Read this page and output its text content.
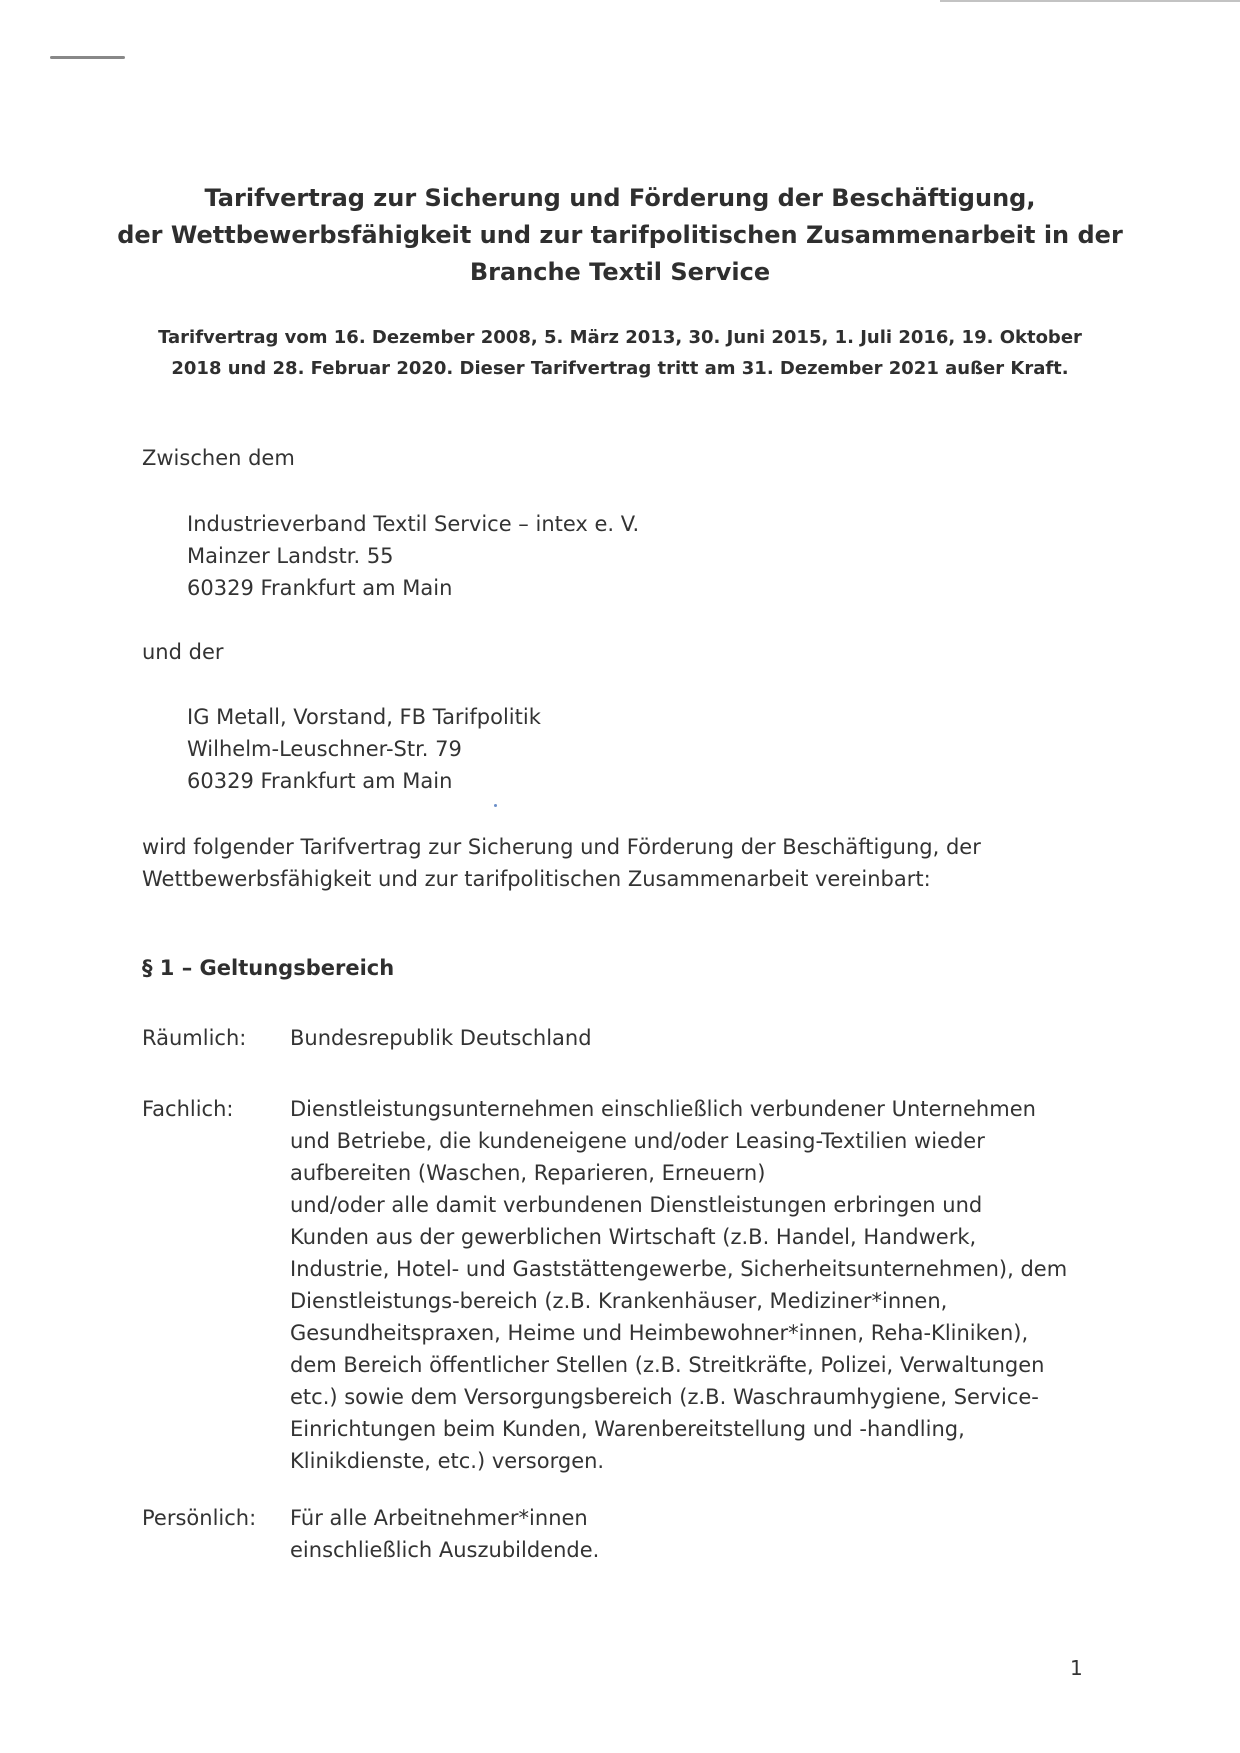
Tarifvertrag zur Sicherung und Förderung der Beschäftigung,
der Wettbewerbsfähigkeit und zur tarifpolitischen Zusammenarbeit in der
Branche Textil Service
Tarifvertrag vom 16. Dezember 2008, 5. März 2013, 30. Juni 2015, 1. Juli 2016, 19. Oktober
2018 und 28. Februar 2020. Dieser Tarifvertrag tritt am 31. Dezember 2021 außer Kraft.
Zwischen dem
Industrieverband Textil Service – intex e. V.
Mainzer Landstr. 55
60329 Frankfurt am Main
und der
IG Metall, Vorstand, FB Tarifpolitik
Wilhelm-Leuschner-Str. 79
60329 Frankfurt am Main
wird folgender Tarifvertrag zur Sicherung und Förderung der Beschäftigung, der
Wettbewerbsfähigkeit und zur tarifpolitischen Zusammenarbeit vereinbart:
§ 1 – Geltungsbereich
Räumlich: Bundesrepublik Deutschland
Fachlich:	Dienstleistungsunternehmen einschließlich verbundener Unternehmen
und Betriebe, die kundeneigene und/oder Leasing-Textilien wieder
aufbereiten (Waschen, Reparieren, Erneuern)
und/oder alle damit verbundenen Dienstleistungen erbringen und
Kunden aus der gewerblichen Wirtschaft (z.B. Handel, Handwerk,
Industrie, Hotel- und Gaststättengewerbe, Sicherheitsunternehmen), dem
Dienstleistungs-bereich (z.B. Krankenhäuser, Mediziner*innen,
Gesundheitspraxen, Heime und Heimbewohner*innen, Reha-Kliniken),
dem Bereich öffentlicher Stellen (z.B. Streitkräfte, Polizei, Verwaltungen
etc.) sowie dem Versorgungsbereich (z.B. Waschraumhygiene, Service-
Einrichtungen beim Kunden, Warenbereitstellung und -handling,
Klinikdienste, etc.) versorgen.
Persönlich: Für alle Arbeitnehmer*innen
einschließlich Auszubildende.
1
